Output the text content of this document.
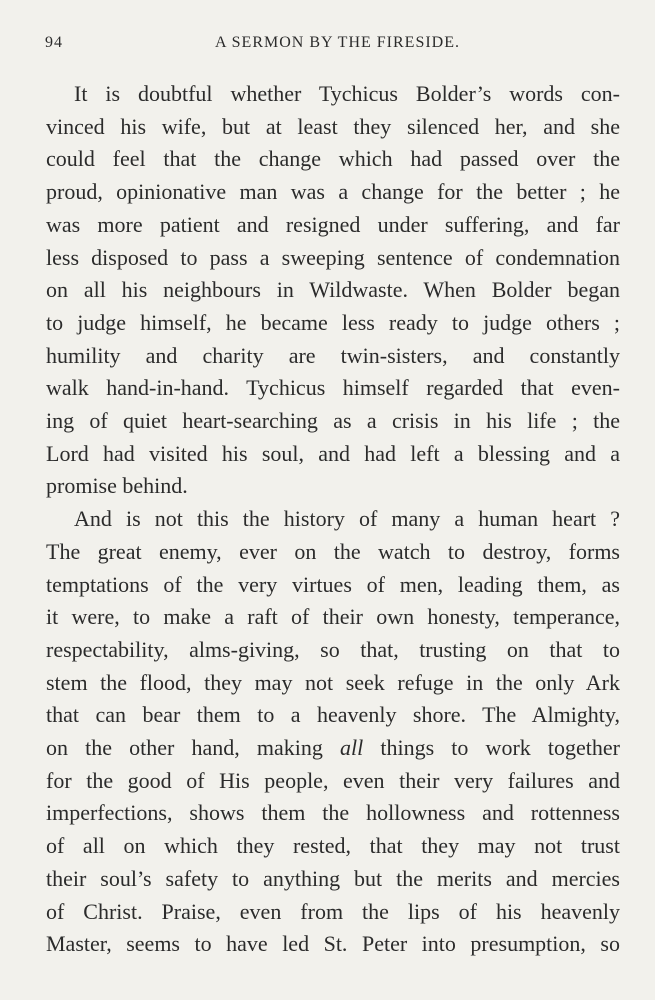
94	A SERMON BY THE FIRESIDE.

It is doubtful whether Tychicus Bolder’s words con-
vinced his wife, but at least they silenced her, and she
could feel that the change which had passed over the
proud, opinionative man was a change for the better ; he
was more patient and resigned under suffering, and far
less disposed to pass a sweeping sentence of condemnation
on all his neighbours in Wildwaste. When Bolder began
to judge himself, he became less ready to judge others ;
humility and charity are twin-sisters, and constantly
walk hand-in-hand. Tychicus himself regarded that even-
ing of quiet heart-searching as a crisis in his life ; the
Lord had visited his soul, and had left a blessing and a
promise behind.

And is not this the history of many a human heart ?
The great enemy, ever on the watch to destroy, forms
temptations of the very virtues of men, leading them, as
it were, to make a raft of their own honesty, temperance,
respectability, alms-giving, so that, trusting on that to
stem the flood, they may not seek refuge in the only Ark
that can bear them to a heavenly shore. The Almighty,
on the other hand, making all things to work together
for the good of His people, even their very failures and
imperfections, shows them the hollowness and rottenness
of all on which they rested, that they may not trust
their soul’s safety to anything but the merits and mercies
of Christ. Praise, even from the lips of his heavenly
Master, seems to have led St. Peter into presumption, so
